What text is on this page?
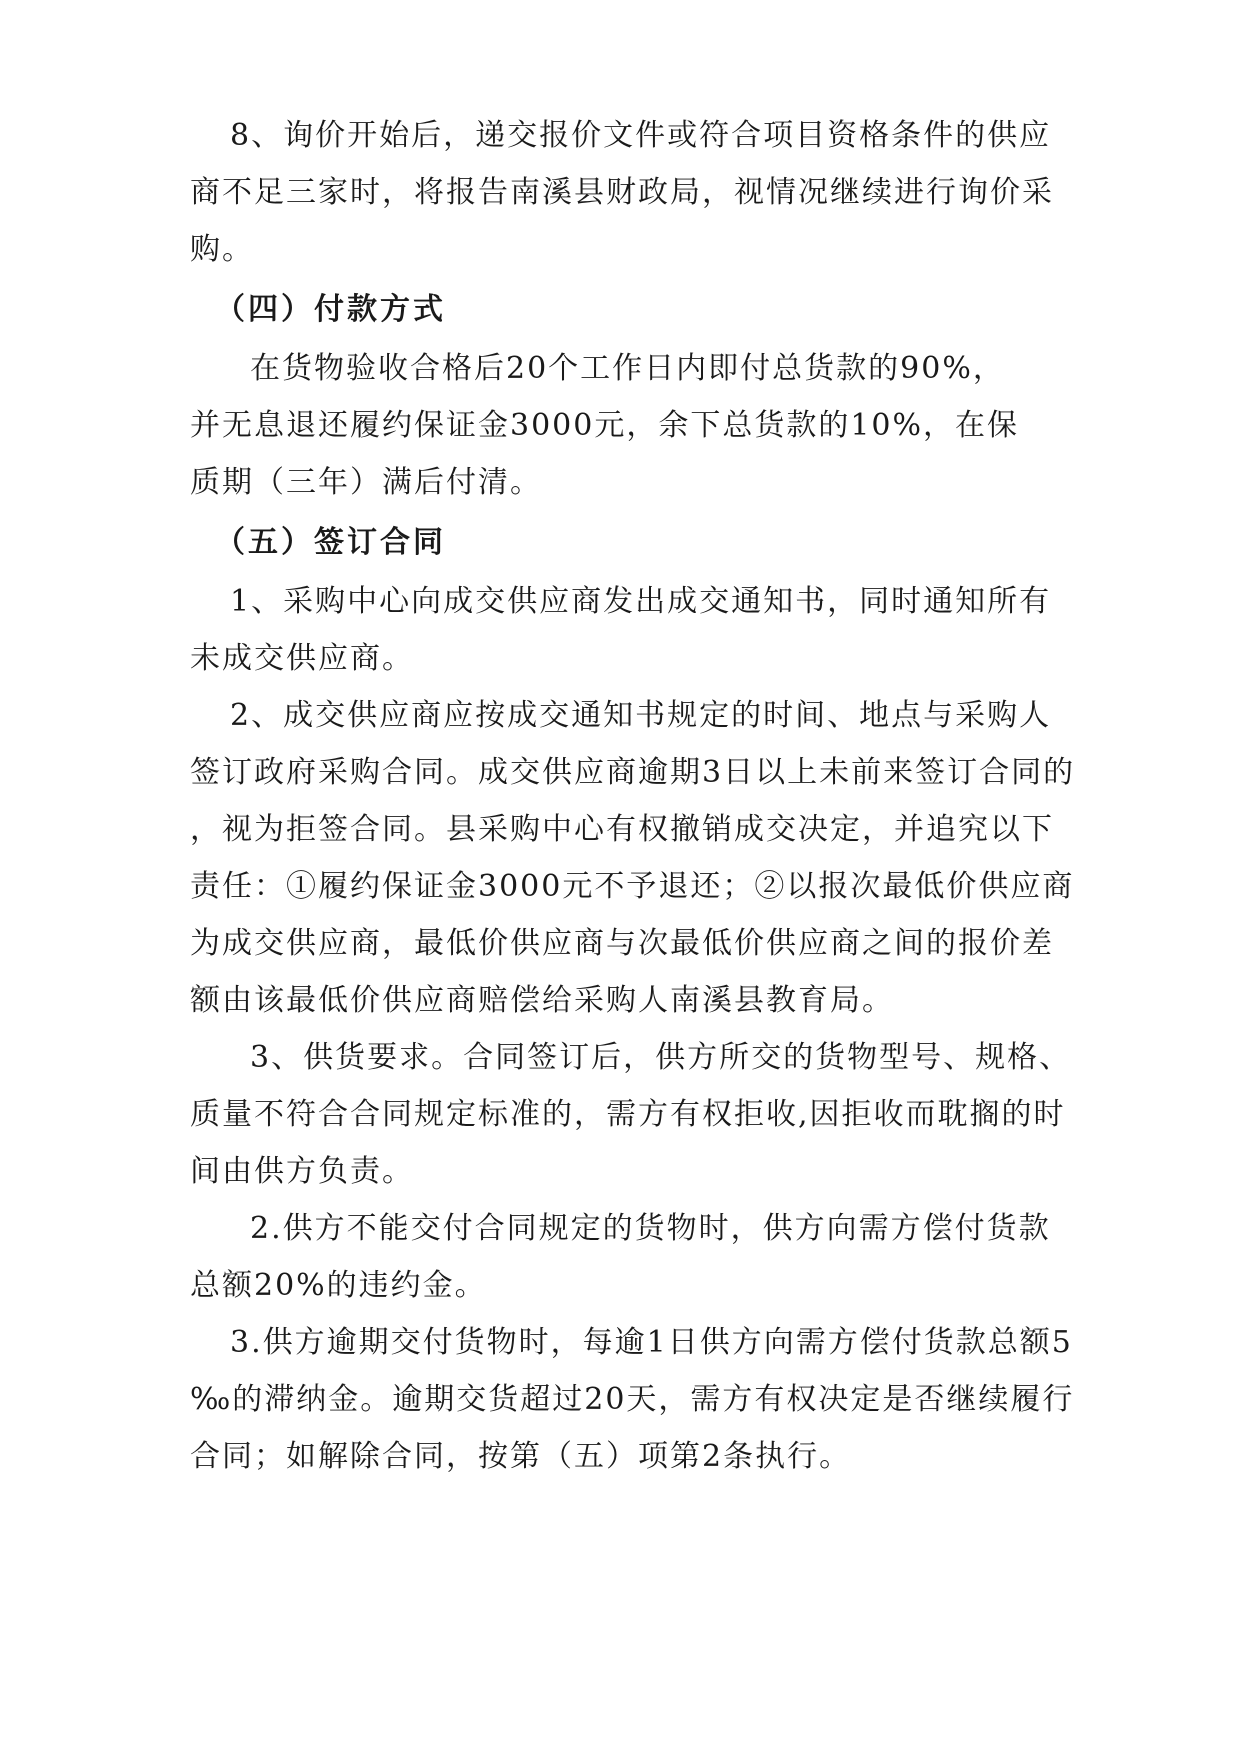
8、询价开始后，递交报价文件或符合项目资格条件的供应
商不足三家时，将报告南溪县财政局，视情况继续进行询价采
购。
（四）付款方式
在货物验收合格后20个工作日内即付总货款的90%，
并无息退还履约保证金3000元，余下总货款的10%，在保
质期（三年）满后付清。
（五）签订合同
1、采购中心向成交供应商发出成交通知书，同时通知所有
未成交供应商。
2、成交供应商应按成交通知书规定的时间、地点与采购人
签订政府采购合同。成交供应商逾期3日以上未前来签订合同的
，视为拒签合同。县采购中心有权撤销成交决定，并追究以下
责任：①履约保证金3000元不予退还；②以报次最低价供应商
为成交供应商，最低价供应商与次最低价供应商之间的报价差
额由该最低价供应商赔偿给采购人南溪县教育局。
3、供货要求。合同签订后，供方所交的货物型号、规格、
质量不符合合同规定标准的，需方有权拒收,因拒收而耽搁的时
间由供方负责。
2.供方不能交付合同规定的货物时，供方向需方偿付货款
总额20%的违约金。
3.供方逾期交付货物时，每逾1日供方向需方偿付货款总额5
‰的滞纳金。逾期交货超过20天，需方有权决定是否继续履行
合同；如解除合同，按第（五）项第2条执行。
